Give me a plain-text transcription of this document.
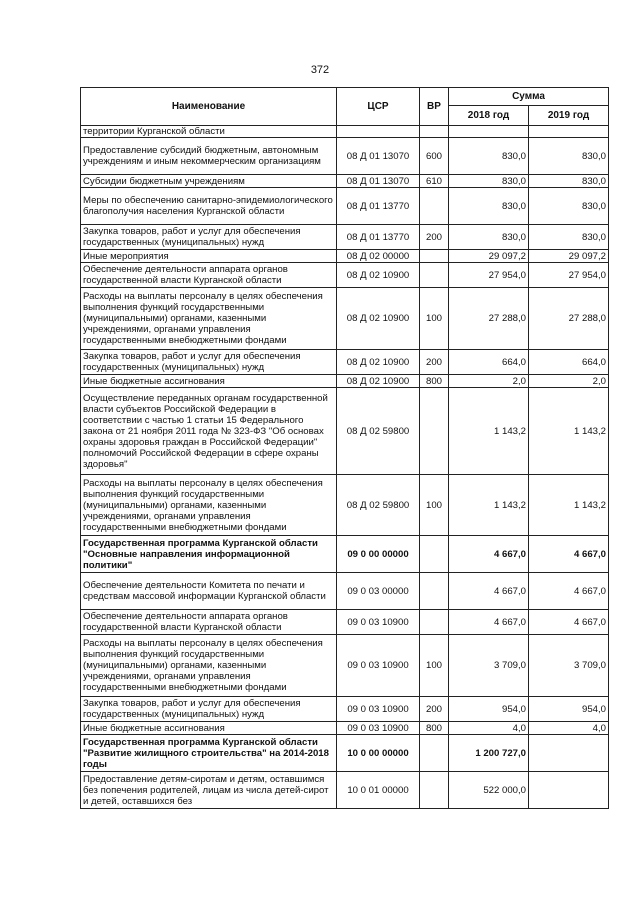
372
Наименование	ЦСР	ВР	Сумма	
			2018 год	2019 год
территории Курганской области				
Предоставление субсидий бюджетным, автономным учреждениям и иным некоммерческим организациям	08 Д 01 13070	600	830,0	830,0
Субсидии бюджетным учреждениям	08 Д 01 13070	610	830,0	830,0
Меры по обеспечению санитарно-эпидемиологического благополучия населения Курганской области	08 Д 01 13770		830,0	830,0
Закупка товаров, работ и услуг для обеспечения государственных (муниципальных) нужд	08 Д 01 13770	200	830,0	830,0
Иные мероприятия	08 Д 02 00000		29 097,2	29 097,2
Обеспечение деятельности аппарата органов государственной власти Курганской области	08 Д 02 10900		27 954,0	27 954,0
Расходы на выплаты персоналу в целях обеспечения выполнения функций государственными (муниципальными) органами, казенными учреждениями, органами управления государственными внебюджетными фондами	08 Д 02 10900	100	27 288,0	27 288,0
Закупка товаров, работ и услуг для обеспечения государственных (муниципальных) нужд	08 Д 02 10900	200	664,0	664,0
Иные бюджетные ассигнования	08 Д 02 10900	800	2,0	2,0
Осуществление переданных органам государственной власти субъектов Российской Федерации в соответствии с частью 1 статьи 15 Федерального закона от 21 ноября 2011 года № 323-ФЗ "Об основах охраны здоровья граждан в Российской Федерации" полномочий Российской Федерации в сфере охраны здоровья"	08 Д 02 59800		1 143,2	1 143,2
Расходы на выплаты персоналу в целях обеспечения выполнения функций государственными (муниципальными) органами, казенными учреждениями, органами управления государственными внебюджетными фондами	08 Д 02 59800	100	1 143,2	1 143,2
Государственная программа Курганской области "Основные направления информационной политики"	09 0 00 00000		4 667,0	4 667,0
Обеспечение деятельности Комитета по печати и средствам массовой информации Курганской области	09 0 03 00000		4 667,0	4 667,0
Обеспечение деятельности аппарата органов государственной власти Курганской области	09 0 03 10900		4 667,0	4 667,0
Расходы на выплаты персоналу в целях обеспечения выполнения функций государственными (муниципальными) органами, казенными учреждениями, органами управления государственными внебюджетными фондами	09 0 03 10900	100	3 709,0	3 709,0
Закупка товаров, работ и услуг для обеспечения государственных (муниципальных) нужд	09 0 03 10900	200	954,0	954,0
Иные бюджетные ассигнования	09 0 03 10900	800	4,0	4,0
Государственная программа Курганской области "Развитие жилищного строительства" на 2014-2018 годы	10 0 00 00000		1 200 727,0	
Предоставление детям-сиротам и детям, оставшимся без попечения родителей, лицам из числа детей-сирот и детей, оставшихся без	10 0 01 00000		522 000,0	
